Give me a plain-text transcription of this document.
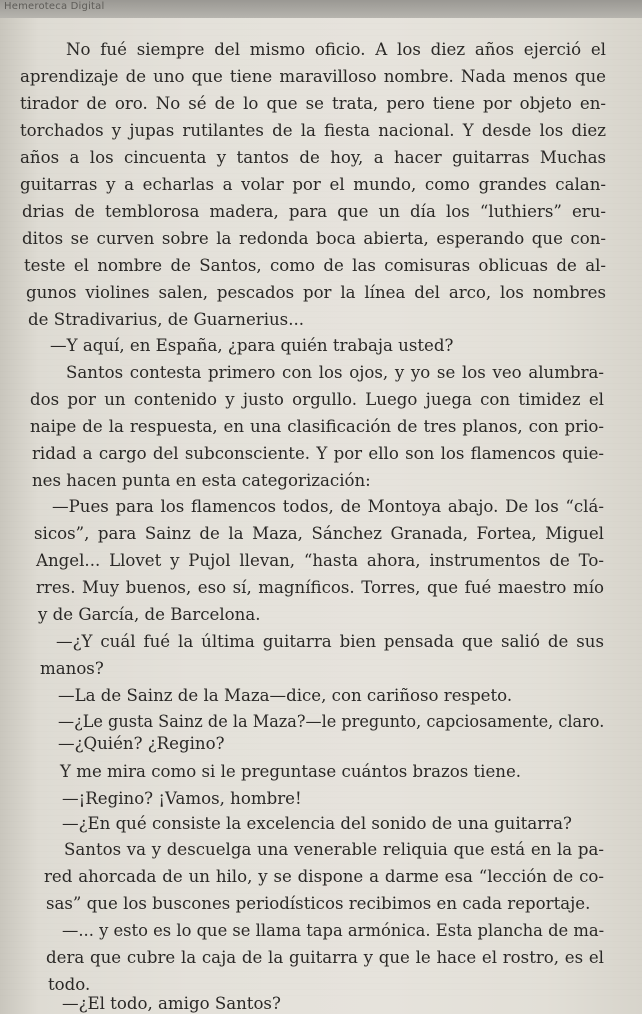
Hemeroteca Digital
No fué siempre del mismo oficio. A los diez años ejerció el
aprendizaje de uno que tiene maravilloso nombre. Nada menos que
tirador de oro. No sé de lo que se trata, pero tiene por objeto en-
torchados y jupas rutilantes de la fiesta nacional. Y desde los diez
años a los cincuenta y tantos de hoy, a hacer guitarras Muchas
guitarras y a echarlas a volar por el mundo, como grandes calan-
drias de temblorosa madera, para que un día los “luthiers” eru-
ditos se curven sobre la redonda boca abierta, esperando que con-
teste el nombre de Santos, como de las comisuras oblicuas de al-
gunos violines salen, pescados por la línea del arco, los nombres
de Stradivarius, de Guarnerius...
—Y aquí, en España, ¿para quién trabaja usted?
Santos contesta primero con los ojos, y yo se los veo alumbra-
dos por un contenido y justo orgullo. Luego juega con timidez el
naipe de la respuesta, en una clasificación de tres planos, con prio-
ridad a cargo del subconsciente. Y por ello son los flamencos quie-
nes hacen punta en esta categorización:
—Pues para los flamencos todos, de Montoya abajo. De los “clá-
sicos”, para Sainz de la Maza, Sánchez Granada, Fortea, Miguel
Angel... Llovet y Pujol llevan, “hasta ahora, instrumentos de To-
rres. Muy buenos, eso sí, magníficos. Torres, que fué maestro mío
y de García, de Barcelona.
—¿Y cuál fué la última guitarra bien pensada que salió de sus
manos?
—La de Sainz de la Maza—dice, con cariñoso respeto.
—¿Le gusta Sainz de la Maza?—le pregunto, capciosamente, claro.
—¿Quién? ¿Regino?
Y me mira como si le preguntase cuántos brazos tiene.
—¡Regino? ¡Vamos, hombre!
—¿En qué consiste la excelencia del sonido de una guitarra?
Santos va y descuelga una venerable reliquia que está en la pa-
red ahorcada de un hilo, y se dispone a darme esa “lección de co-
sas” que los buscones periodísticos recibimos en cada reportaje.
—... y esto es lo que se llama tapa armónica. Esta plancha de ma-
dera que cubre la caja de la guitarra y que le hace el rostro, es el
todo.
—¿El todo, amigo Santos?
